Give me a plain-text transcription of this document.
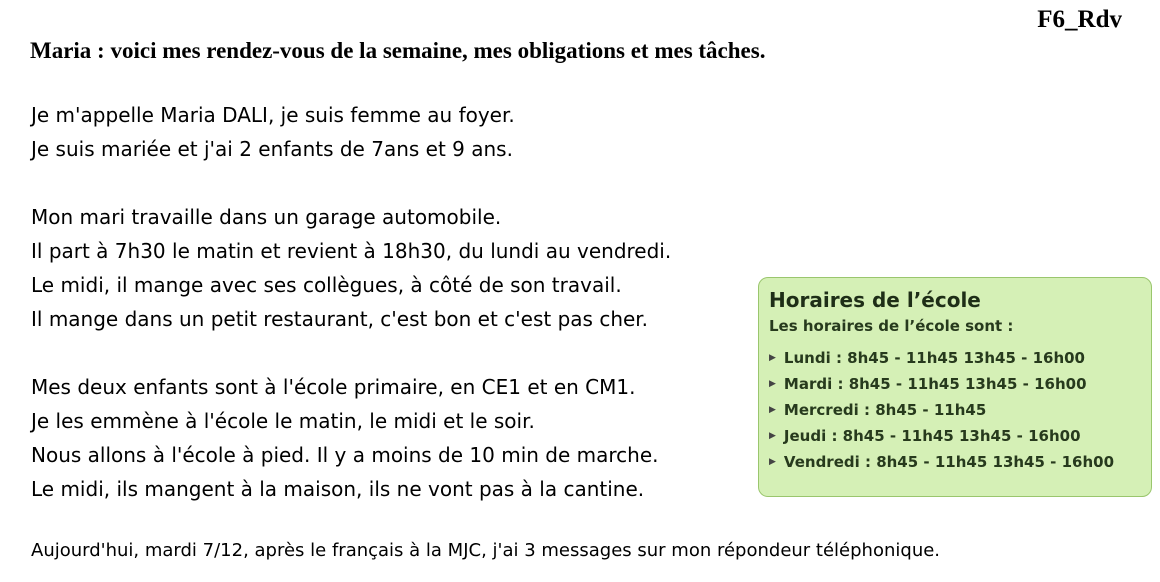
F6_Rdv
Maria : voici mes rendez-vous de la semaine, mes obligations et mes tâches.
Je m'appelle Maria DALI, je suis femme au foyer.
Je suis mariée et j'ai 2 enfants de 7ans et 9 ans.
Mon mari travaille dans un garage automobile.
Il part à 7h30 le matin et revient à 18h30, du lundi au vendredi.
Le midi, il mange avec ses collègues, à côté de son travail.
Il mange dans un petit restaurant, c'est bon et c'est pas cher.
Mes deux enfants sont à l'école primaire, en CE1 et en CM1.
Je les emmène à l'école le matin, le midi et le soir.
Nous allons à l'école à pied. Il y a moins de 10 min de marche.
Le midi, ils mangent à la maison, ils ne vont pas à la cantine.
Horaires de l’école
Les horaires de l’école sont :
▶ Lundi : 8h45 - 11h45 13h45 - 16h00
▶ Mardi : 8h45 - 11h45 13h45 - 16h00
▶ Mercredi : 8h45 - 11h45
▶ Jeudi : 8h45 - 11h45 13h45 - 16h00
▶ Vendredi : 8h45 - 11h45 13h45 - 16h00
Aujourd'hui, mardi 7/12, après le français à la MJC, j'ai 3 messages sur mon répondeur téléphonique.
